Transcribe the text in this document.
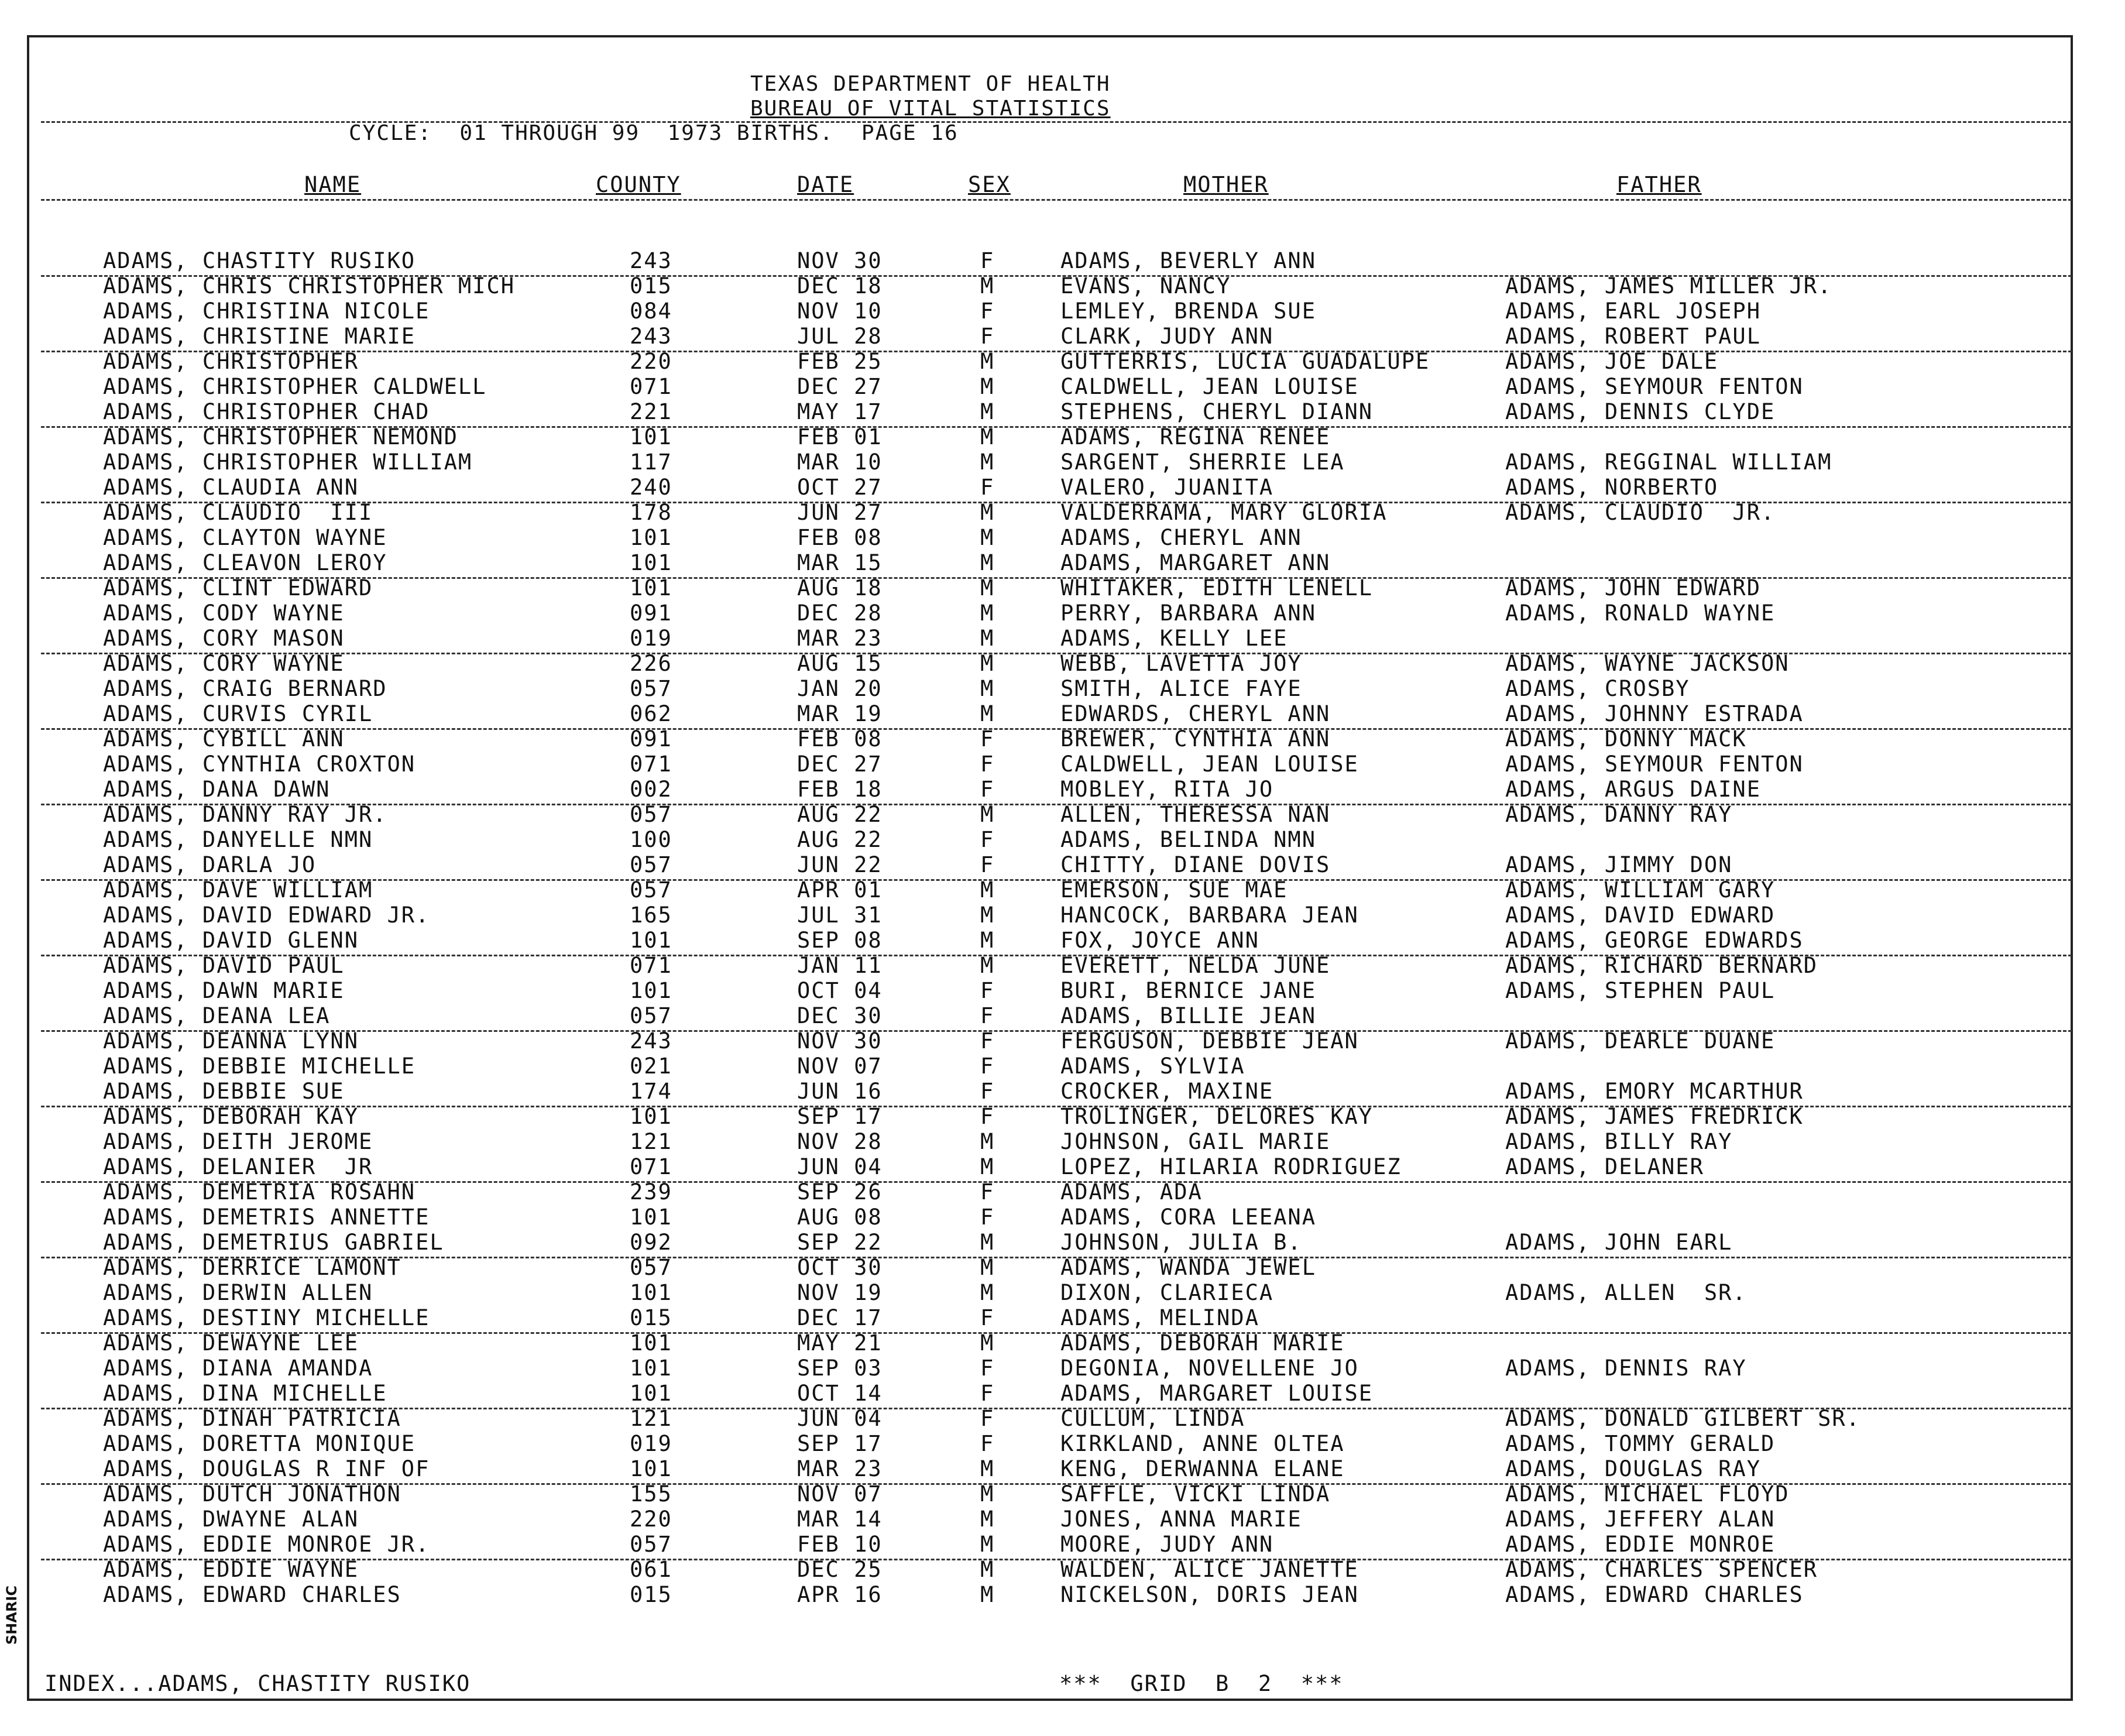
TEXAS DEPARTMENT OF HEALTH
BUREAU OF VITAL STATISTICS
CYCLE:  01 THROUGH 99  1973 BIRTHS.  PAGE 16
NAME	COUNTY	DATE	SEX	MOTHER	FATHER
ADAMS, CHASTITY RUSIKO	243	NOV 30	F	ADAMS, BEVERLY ANN
ADAMS, CHRIS CHRISTOPHER MICH	015	DEC 18	M	EVANS, NANCY	ADAMS, JAMES MILLER JR.
ADAMS, CHRISTINA NICOLE	084	NOV 10	F	LEMLEY, BRENDA SUE	ADAMS, EARL JOSEPH
ADAMS, CHRISTINE MARIE	243	JUL 28	F	CLARK, JUDY ANN	ADAMS, ROBERT PAUL
ADAMS, CHRISTOPHER	220	FEB 25	M	GUTTERRIS, LUCIA GUADALUPE	ADAMS, JOE DALE
ADAMS, CHRISTOPHER CALDWELL	071	DEC 27	M	CALDWELL, JEAN LOUISE	ADAMS, SEYMOUR FENTON
ADAMS, CHRISTOPHER CHAD	221	MAY 17	M	STEPHENS, CHERYL DIANN	ADAMS, DENNIS CLYDE
ADAMS, CHRISTOPHER NEMOND	101	FEB 01	M	ADAMS, REGINA RENEE
ADAMS, CHRISTOPHER WILLIAM	117	MAR 10	M	SARGENT, SHERRIE LEA	ADAMS, REGGINAL WILLIAM
ADAMS, CLAUDIA ANN	240	OCT 27	F	VALERO, JUANITA	ADAMS, NORBERTO
ADAMS, CLAUDIO  III	178	JUN 27	M	VALDERRAMA, MARY GLORIA	ADAMS, CLAUDIO  JR.
ADAMS, CLAYTON WAYNE	101	FEB 08	M	ADAMS, CHERYL ANN
ADAMS, CLEAVON LEROY	101	MAR 15	M	ADAMS, MARGARET ANN
ADAMS, CLINT EDWARD	101	AUG 18	M	WHITAKER, EDITH LENELL	ADAMS, JOHN EDWARD
ADAMS, CODY WAYNE	091	DEC 28	M	PERRY, BARBARA ANN	ADAMS, RONALD WAYNE
ADAMS, CORY MASON	019	MAR 23	M	ADAMS, KELLY LEE
ADAMS, CORY WAYNE	226	AUG 15	M	WEBB, LAVETTA JOY	ADAMS, WAYNE JACKSON
ADAMS, CRAIG BERNARD	057	JAN 20	M	SMITH, ALICE FAYE	ADAMS, CROSBY
ADAMS, CURVIS CYRIL	062	MAR 19	M	EDWARDS, CHERYL ANN	ADAMS, JOHNNY ESTRADA
ADAMS, CYBILL ANN	091	FEB 08	F	BREWER, CYNTHIA ANN	ADAMS, DONNY MACK
ADAMS, CYNTHIA CROXTON	071	DEC 27	F	CALDWELL, JEAN LOUISE	ADAMS, SEYMOUR FENTON
ADAMS, DANA DAWN	002	FEB 18	F	MOBLEY, RITA JO	ADAMS, ARGUS DAINE
ADAMS, DANNY RAY JR.	057	AUG 22	M	ALLEN, THERESSA NAN	ADAMS, DANNY RAY
ADAMS, DANYELLE NMN	100	AUG 22	F	ADAMS, BELINDA NMN
ADAMS, DARLA JO	057	JUN 22	F	CHITTY, DIANE DOVIS	ADAMS, JIMMY DON
ADAMS, DAVE WILLIAM	057	APR 01	M	EMERSON, SUE MAE	ADAMS, WILLIAM GARY
ADAMS, DAVID EDWARD JR.	165	JUL 31	M	HANCOCK, BARBARA JEAN	ADAMS, DAVID EDWARD
ADAMS, DAVID GLENN	101	SEP 08	M	FOX, JOYCE ANN	ADAMS, GEORGE EDWARDS
ADAMS, DAVID PAUL	071	JAN 11	M	EVERETT, NELDA JUNE	ADAMS, RICHARD BERNARD
ADAMS, DAWN MARIE	101	OCT 04	F	BURI, BERNICE JANE	ADAMS, STEPHEN PAUL
ADAMS, DEANA LEA	057	DEC 30	F	ADAMS, BILLIE JEAN
ADAMS, DEANNA LYNN	243	NOV 30	F	FERGUSON, DEBBIE JEAN	ADAMS, DEARLE DUANE
ADAMS, DEBBIE MICHELLE	021	NOV 07	F	ADAMS, SYLVIA
ADAMS, DEBBIE SUE	174	JUN 16	F	CROCKER, MAXINE	ADAMS, EMORY MCARTHUR
ADAMS, DEBORAH KAY	101	SEP 17	F	TROLINGER, DELORES KAY	ADAMS, JAMES FREDRICK
ADAMS, DEITH JEROME	121	NOV 28	M	JOHNSON, GAIL MARIE	ADAMS, BILLY RAY
ADAMS, DELANIER  JR	071	JUN 04	M	LOPEZ, HILARIA RODRIGUEZ	ADAMS, DELANER
ADAMS, DEMETRIA ROSAHN	239	SEP 26	F	ADAMS, ADA
ADAMS, DEMETRIS ANNETTE	101	AUG 08	F	ADAMS, CORA LEEANA
ADAMS, DEMETRIUS GABRIEL	092	SEP 22	M	JOHNSON, JULIA B.	ADAMS, JOHN EARL
ADAMS, DERRICE LAMONT	057	OCT 30	M	ADAMS, WANDA JEWEL
ADAMS, DERWIN ALLEN	101	NOV 19	M	DIXON, CLARIECA	ADAMS, ALLEN  SR.
ADAMS, DESTINY MICHELLE	015	DEC 17	F	ADAMS, MELINDA
ADAMS, DEWAYNE LEE	101	MAY 21	M	ADAMS, DEBORAH MARIE
ADAMS, DIANA AMANDA	101	SEP 03	F	DEGONIA, NOVELLENE JO	ADAMS, DENNIS RAY
ADAMS, DINA MICHELLE	101	OCT 14	F	ADAMS, MARGARET LOUISE
ADAMS, DINAH PATRICIA	121	JUN 04	F	CULLUM, LINDA	ADAMS, DONALD GILBERT SR.
ADAMS, DORETTA MONIQUE	019	SEP 17	F	KIRKLAND, ANNE OLTEA	ADAMS, TOMMY GERALD
ADAMS, DOUGLAS R INF OF	101	MAR 23	M	KENG, DERWANNA ELANE	ADAMS, DOUGLAS RAY
ADAMS, DUTCH JONATHON	155	NOV 07	M	SAFFLE, VICKI LINDA	ADAMS, MICHAEL FLOYD
ADAMS, DWAYNE ALAN	220	MAR 14	M	JONES, ANNA MARIE	ADAMS, JEFFERY ALAN
ADAMS, EDDIE MONROE JR.	057	FEB 10	M	MOORE, JUDY ANN	ADAMS, EDDIE MONROE
ADAMS, EDDIE WAYNE	061	DEC 25	M	WALDEN, ALICE JANETTE	ADAMS, CHARLES SPENCER
ADAMS, EDWARD CHARLES	015	APR 16	M	NICKELSON, DORIS JEAN	ADAMS, EDWARD CHARLES
INDEX...ADAMS, CHASTITY RUSIKO	***  GRID  B  2  ***
SHARIC
